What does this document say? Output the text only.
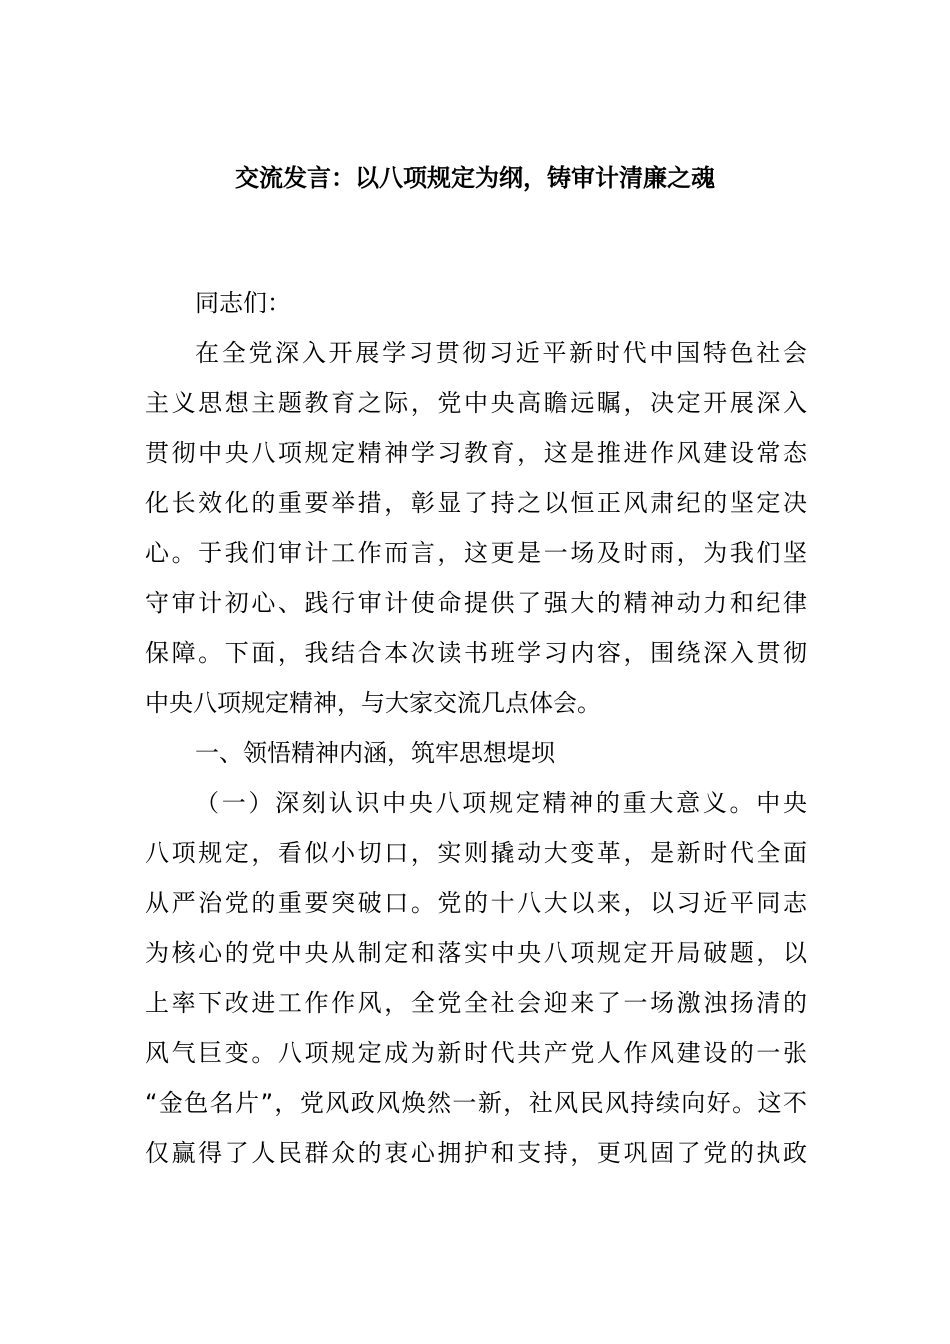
交流发言：以八项规定为纲，铸审计清廉之魂
同志们：
在全党深入开展学习贯彻习近平新时代中国特色社会
主义思想主题教育之际，党中央高瞻远瞩，决定开展深入
贯彻中央八项规定精神学习教育，这是推进作风建设常态
化长效化的重要举措，彰显了持之以恒正风肃纪的坚定决
心。于我们审计工作而言，这更是一场及时雨，为我们坚
守审计初心、践行审计使命提供了强大的精神动力和纪律
保障。下面，我结合本次读书班学习内容，围绕深入贯彻
中央八项规定精神，与大家交流几点体会。
一、领悟精神内涵，筑牢思想堤坝
（一）深刻认识中央八项规定精神的重大意义。中央
八项规定，看似小切口，实则撬动大变革，是新时代全面
从严治党的重要突破口。党的十八大以来，以习近平同志
为核心的党中央从制定和落实中央八项规定开局破题，以
上率下改进工作作风，全党全社会迎来了一场激浊扬清的
风气巨变。八项规定成为新时代共产党人作风建设的一张
“金色名片”，党风政风焕然一新，社风民风持续向好。这不
仅赢得了人民群众的衷心拥护和支持，更巩固了党的执政
